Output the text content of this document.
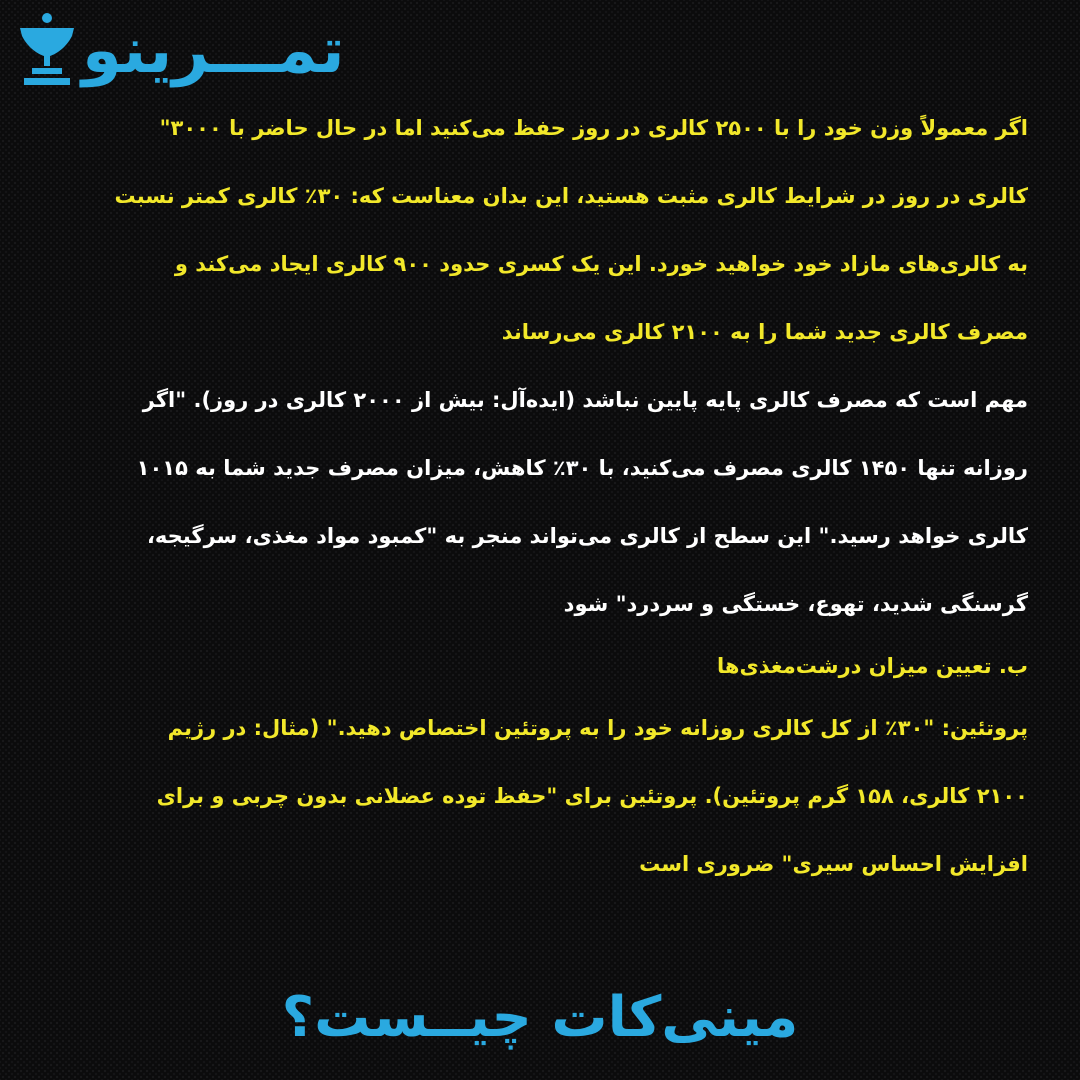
تمـــرینو
اگر معمولاً وزن خود را با ۲۵۰۰ کالری در روز حفظ می‌کنید اما در حال حاضر با ۳۰۰۰"
کالری در روز در شرایط کالری مثبت هستید، این بدان معناست که: ۳۰٪ کالری کمتر نسبت
به کالری‌های مازاد خود خواهید خورد. این یک کسری حدود ۹۰۰ کالری ایجاد می‌کند و
مصرف کالری جدید شما را به ۲۱۰۰ کالری می‌رساند
مهم است که مصرف کالری پایه پایین نباشد (ایده‌آل: بیش از ۲۰۰۰ کالری در روز). "اگر
روزانه تنها ۱۴۵۰ کالری مصرف می‌کنید، با ۳۰٪ کاهش، میزان مصرف جدید شما به ۱۰۱۵
کالری خواهد رسید." این سطح از کالری می‌تواند منجر به "کمبود مواد مغذی، سرگیجه،
گرسنگی شدید، تهوع، خستگی و سردرد" شود
ب. تعیین میزان درشت‌مغذی‌ها
پروتئین: "۳۰٪ از کل کالری روزانه خود را به پروتئین اختصاص دهید." (مثال: در رژیم
۲۱۰۰ کالری، ۱۵۸ گرم پروتئین). پروتئین برای "حفظ توده عضلانی بدون چربی و برای
افزایش احساس سیری" ضروری است
مینی‌کات چیــست؟
